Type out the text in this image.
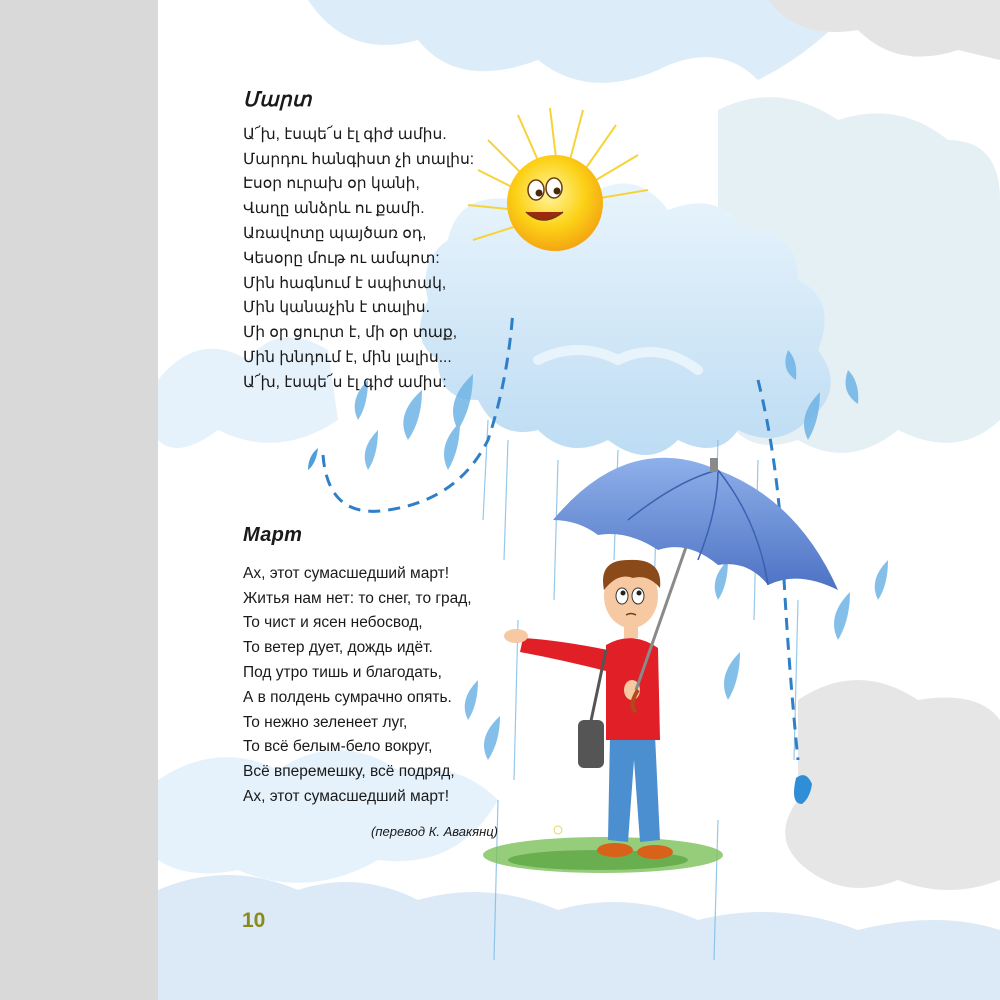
Մարտ
Ա՜խ, էսպե՜ս էլ գիժ ամիս.
Մարդու հանգիստ չի տալիս:
Էսօր ուրախ օր կանի,
Վաղը անձրև ու քամի.
Առավոտը պայծառ օդ,
Կեսօրը մութ ու ամպոտ:
Մին հագնում է սպիտակ,
Մին կանաչին է տալիս.
Մի օր ցուրտ է, մի օր տաք,
Մին խնդում է, մին լալիս...
Ա՜խ, էսպե՜ս էլ գիժ ամիս:
Март
Ах, этот сумасшедший март!
Житья нам нет: то снег, то град,
То чист и ясен небосвод,
То ветер дует, дождь идёт.
Под утро тишь и благодать,
А в полдень сумрачно опять.
То нежно зеленеет луг,
То всё белым-бело вокруг,
Всё вперемешку, всё подряд,
Ах, этот сумасшедший март!
(перевод К. Авакянц)
10
